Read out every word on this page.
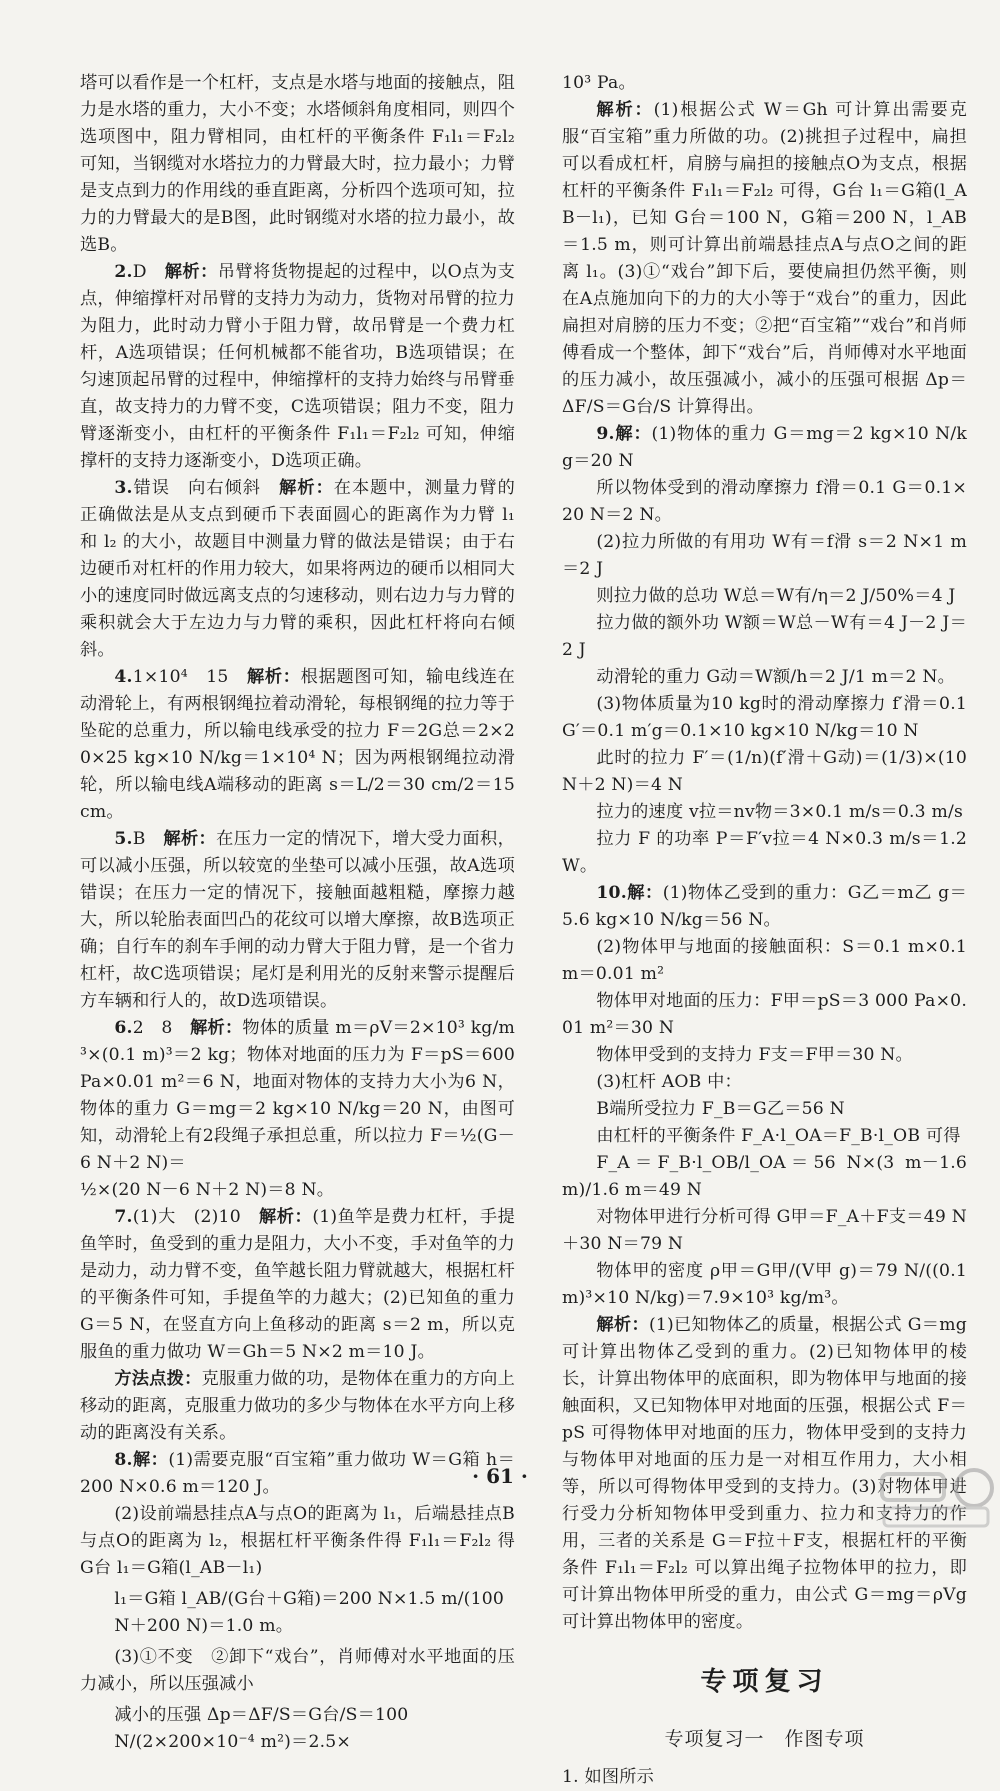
塔可以看作是一个杠杆，支点是水塔与地面的接触点，阻力是水塔的重力，大小不变；水塔倾斜角度相同，则四个选项图中，阻力臂相同，由杠杆的平衡条件 F₁l₁＝F₂l₂ 可知，当钢缆对水塔拉力的力臂最大时，拉力最小；力臂是支点到力的作用线的垂直距离，分析四个选项可知，拉力的力臂最大的是B图，此时钢缆对水塔的拉力最小，故选B。

2.D　 解析：吊臂将货物提起的过程中，以O点为支点，伸缩撑杆对吊臂的支持力为动力，货物对吊臂的拉力为阻力，此时动力臂小于阻力臂，故吊臂是一个费力杠杆，A选项错误；任何机械都不能省功，B选项错误；在匀速顶起吊臂的过程中，伸缩撑杆的支持力始终与吊臂垂直，故支持力的力臂不变，C选项错误；阻力不变，阻力臂逐渐变小，由杠杆的平衡条件 F₁l₁＝F₂l₂ 可知，伸缩撑杆的支持力逐渐变小，D选项正确。

3.错误　向右倾斜　 解析：在本题中，测量力臂的正确做法是从支点到硬币下表面圆心的距离作为力臂 l₁ 和 l₂ 的大小，故题目中测量力臂的做法是错误；由于右边硬币对杠杆的作用力较大，如果将两边的硬币以相同大小的速度同时做远离支点的匀速移动，则右边力与力臂的乘积就会大于左边力与力臂的乘积，因此杠杆将向右倾斜。

4.1×10⁴　15　 解析：根据题图可知，输电线连在动滑轮上，有两根钢绳拉着动滑轮，每根钢绳的拉力等于坠砣的总重力，所以输电线承受的拉力 F＝2G总＝2×20×25 kg×10 N/kg＝1×10⁴ N；因为两根钢绳拉动滑轮，所以输电线A端移动的距离 s＝L/2＝30 cm/2＝15 cm。

5.B　 解析：在压力一定的情况下，增大受力面积，可以减小压强，所以较宽的坐垫可以减小压强，故A选项错误；在压力一定的情况下，接触面越粗糙，摩擦力越大，所以轮胎表面凹凸的花纹可以增大摩擦，故B选项正确；自行车的刹车手闸的动力臂大于阻力臂，是一个省力杠杆，故C选项错误；尾灯是利用光的反射来警示提醒后方车辆和行人的，故D选项错误。

6.2　8　 解析：物体的质量 m＝ρV＝2×10³ kg/m³×(0.1 m)³＝2 kg；物体对地面的压力为 F＝pS＝600 Pa×0.01 m²＝6 N，地面对物体的支持力大小为6 N，物体的重力 G＝mg＝2 kg×10 N/kg＝20 N，由图可知，动滑轮上有2段绳子承担总重，所以拉力 F＝½(G－6 N＋2 N)＝

½×(20 N－6 N＋2 N)＝8 N。

7.(1)大　(2)10　 解析：(1)鱼竿是费力杠杆，手提鱼竿时，鱼受到的重力是阻力，大小不变，手对鱼竿的力是动力，动力臂不变，鱼竿越长阻力臂就越大，根据杠杆的平衡条件可知，手提鱼竿的力越大；(2)已知鱼的重力 G＝5 N，在竖直方向上鱼移动的距离 s＝2 m，所以克服鱼的重力做功 W＝Gh＝5 N×2 m＝10 J。

方法点拨：克服重力做的功，是物体在重力的方向上移动的距离，克服重力做功的多少与物体在水平方向上移动的距离没有关系。

8.解：(1)需要克服“百宝箱”重力做功 W＝G箱 h＝200 N×0.6 m＝120 J。

(2)设前端悬挂点A与点O的距离为 l₁，后端悬挂点B与点O的距离为 l₂，根据杠杆平衡条件得 F₁l₁＝F₂l₂ 得 G台 l₁＝G箱(l_AB－l₁)

l₁＝G箱 l_AB/(G台＋G箱)＝200 N×1.5 m/(100 N＋200 N)＝1.0 m。

(3)①不变　②卸下“戏台”，肖师傅对水平地面的压力减小，所以压强减小

减小的压强 Δp＝ΔF/S＝G台/S＝100 N/(2×200×10⁻⁴ m²)＝2.5×

10³ Pa。

解析：(1)根据公式 W＝Gh 可计算出需要克服“百宝箱”重力所做的功。(2)挑担子过程中，扁担可以看成杠杆，肩膀与扁担的接触点O为支点，根据杠杆的平衡条件 F₁l₁＝F₂l₂ 可得，G台 l₁＝G箱(l_AB－l₁)，已知 G台＝100 N，G箱＝200 N，l_AB＝1.5 m，则可计算出前端悬挂点A与点O之间的距离 l₁。(3)①“戏台”卸下后，要使扁担仍然平衡，则在A点施加向下的力的大小等于“戏台”的重力，因此扁担对肩膀的压力不变；②把“百宝箱”“戏台”和肖师傅看成一个整体，卸下“戏台”后，肖师傅对水平地面的压力减小，故压强减小，减小的压强可根据 Δp＝ΔF/S＝G台/S 计算得出。

9.解：(1)物体的重力 G＝mg＝2 kg×10 N/kg＝20 N

所以物体受到的滑动摩擦力 f滑＝0.1 G＝0.1×20 N＝2 N。

(2)拉力所做的有用功 W有＝f滑 s＝2 N×1 m＝2 J

则拉力做的总功 W总＝W有/η＝2 J/50%＝4 J

拉力做的额外功 W额＝W总－W有＝4 J－2 J＝2 J

动滑轮的重力 G动＝W额/h＝2 J/1 m＝2 N。

(3)物体质量为10 kg时的滑动摩擦力 f′滑＝0.1 G′＝0.1 m′g＝0.1×10 kg×10 N/kg＝10 N

此时的拉力 F′＝(1/n)(f′滑＋G动)＝(1/3)×(10 N＋2 N)＝4 N

拉力的速度 v拉＝nv物＝3×0.1 m/s＝0.3 m/s

拉力 F 的功率 P＝F′v拉＝4 N×0.3 m/s＝1.2 W。

10.解：(1)物体乙受到的重力：G乙＝m乙 g＝5.6 kg×10 N/kg＝56 N。

(2)物体甲与地面的接触面积：S＝0.1 m×0.1 m＝0.01 m²

物体甲对地面的压力：F甲＝pS＝3 000 Pa×0.01 m²＝30 N

物体甲受到的支持力 F支＝F甲＝30 N。

(3)杠杆 AOB 中：

B端所受拉力 F_B＝G乙＝56 N

由杠杆的平衡条件 F_A·l_OA＝F_B·l_OB 可得

F_A＝F_B·l_OB/l_OA＝56 N×(3 m－1.6 m)/1.6 m＝49 N

对物体甲进行分析可得 G甲＝F_A＋F支＝49 N＋30 N＝79 N

物体甲的密度 ρ甲＝G甲/(V甲 g)＝79 N/((0.1 m)³×10 N/kg)＝7.9×10³ kg/m³。

解析：(1)已知物体乙的质量，根据公式 G＝mg 可计算出物体乙受到的重力。(2)已知物体甲的棱长，计算出物体甲的底面积，即为物体甲与地面的接触面积，又已知物体甲对地面的压强，根据公式 F＝pS 可得物体甲对地面的压力，物体甲受到的支持力与物体甲对地面的压力是一对相互作用力，大小相等，所以可得物体甲受到的支持力。(3)对物体甲进行受力分析知物体甲受到重力、拉力和支持力的作用，三者的关系是 G＝F拉＋F支，根据杠杆的平衡条件 F₁l₁＝F₂l₂ 可以算出绳子拉物体甲的拉力，即可计算出物体甲所受的重力，由公式 G＝mg＝ρVg 可计算出物体甲的密度。

专项复习
专项复习一　作图专项

1. 如图所示

· 61 ·
